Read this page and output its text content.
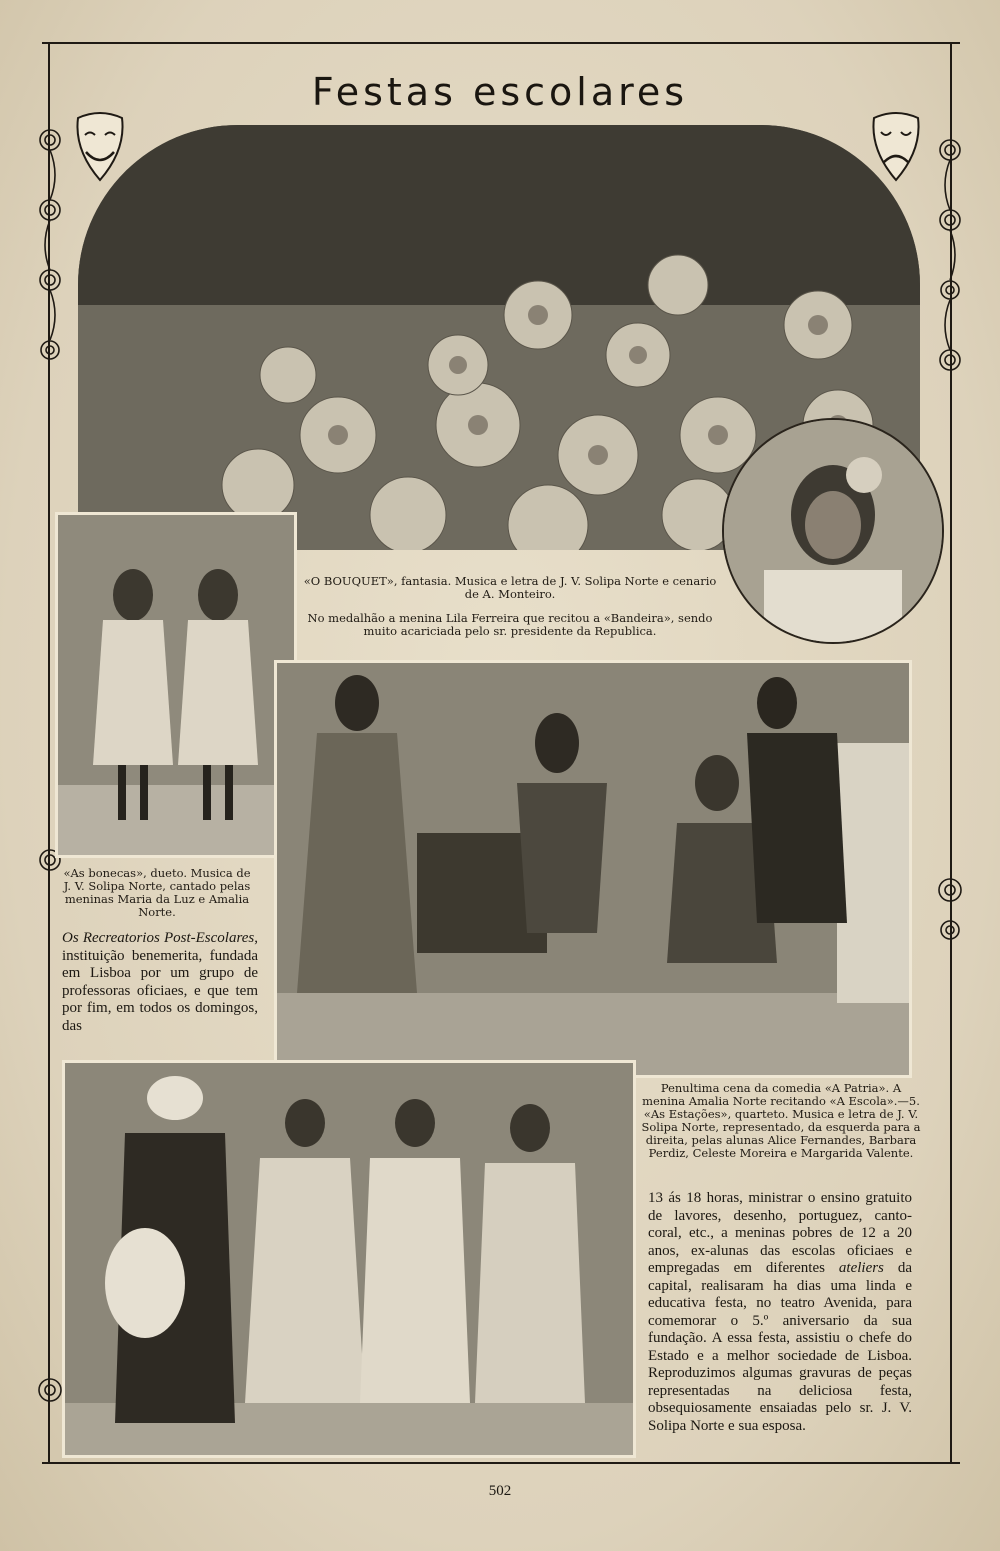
Festas escolares
«O BOUQUET», fantasia. Musica e letra de J. V. Solipa Norte e cenario de A. Monteiro.
No medalhão a menina Lila Ferreira que recitou a «Bandeira», sendo muito acariciada pelo sr. presidente da Republica.
«As bonecas», dueto. Musica de J. V. Solipa Norte, cantado pelas meninas Maria da Luz e Amalia Norte.
Os Recreatorios Post-Escolares, instituição benemerita, fundada em Lisboa por um grupo de professoras oficiaes, e que tem por fim, em todos os domingos, das
Penultima cena da comedia «A Patria». A menina Amalia Norte recitando «A Escola».—5. «As Estações», quarteto. Musica e letra de J. V. Solipa Norte, representado, da esquerda para a direita, pelas alunas Alice Fernandes, Barbara Perdiz, Celeste Moreira e Margarida Valente.
13 ás 18 horas, ministrar o ensino gratuito de lavores, desenho, portuguez, canto-coral, etc., a meninas pobres de 12 a 20 anos, ex-alunas das escolas oficiaes e empregadas em diferentes ateliers da capital, realisaram ha dias uma linda e educativa festa, no teatro Avenida, para comemorar o 5.º aniversario da sua fundação. A essa festa, assistiu o chefe do Estado e a melhor sociedade de Lisboa. Reproduzimos algumas gravuras de peças representadas na deliciosa festa, obsequiosamente ensaiadas pelo sr. J. V. Solipa Norte e sua esposa.
502
